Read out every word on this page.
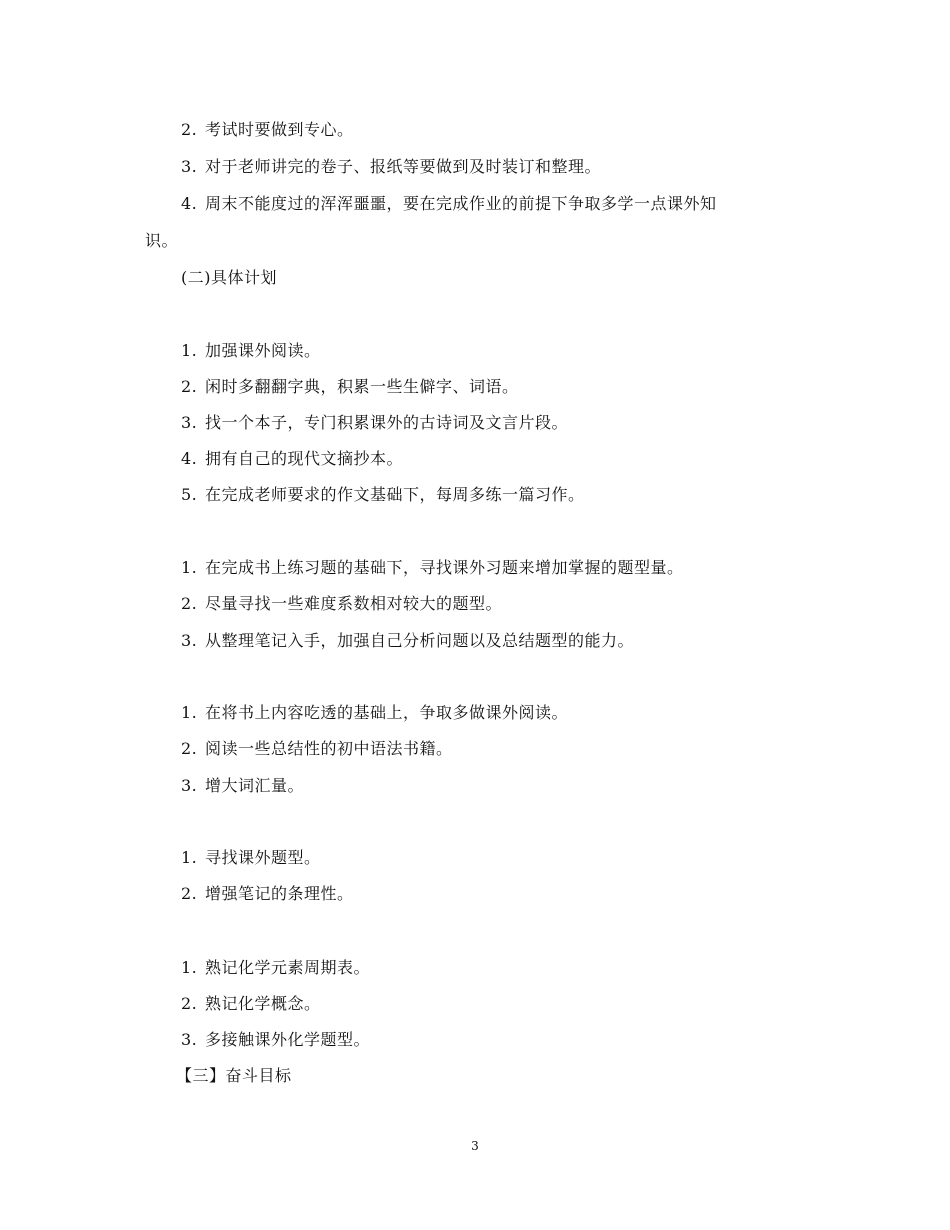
2. 考试时要做到专心。
3. 对于老师讲完的卷子、报纸等要做到及时装订和整理。
4. 周末不能度过的浑浑噩噩，要在完成作业的前提下争取多学一点课外知
识。
(二)具体计划
1. 加强课外阅读。
2. 闲时多翻翻字典，积累一些生僻字、词语。
3. 找一个本子，专门积累课外的古诗词及文言片段。
4. 拥有自己的现代文摘抄本。
5. 在完成老师要求的作文基础下，每周多练一篇习作。
1. 在完成书上练习题的基础下，寻找课外习题来增加掌握的题型量。
2. 尽量寻找一些难度系数相对较大的题型。
3. 从整理笔记入手，加强自己分析问题以及总结题型的能力。
1. 在将书上内容吃透的基础上，争取多做课外阅读。
2. 阅读一些总结性的初中语法书籍。
3. 增大词汇量。
1. 寻找课外题型。
2. 增强笔记的条理性。
1. 熟记化学元素周期表。
2. 熟记化学概念。
3. 多接触课外化学题型。
【三】奋斗目标
3
